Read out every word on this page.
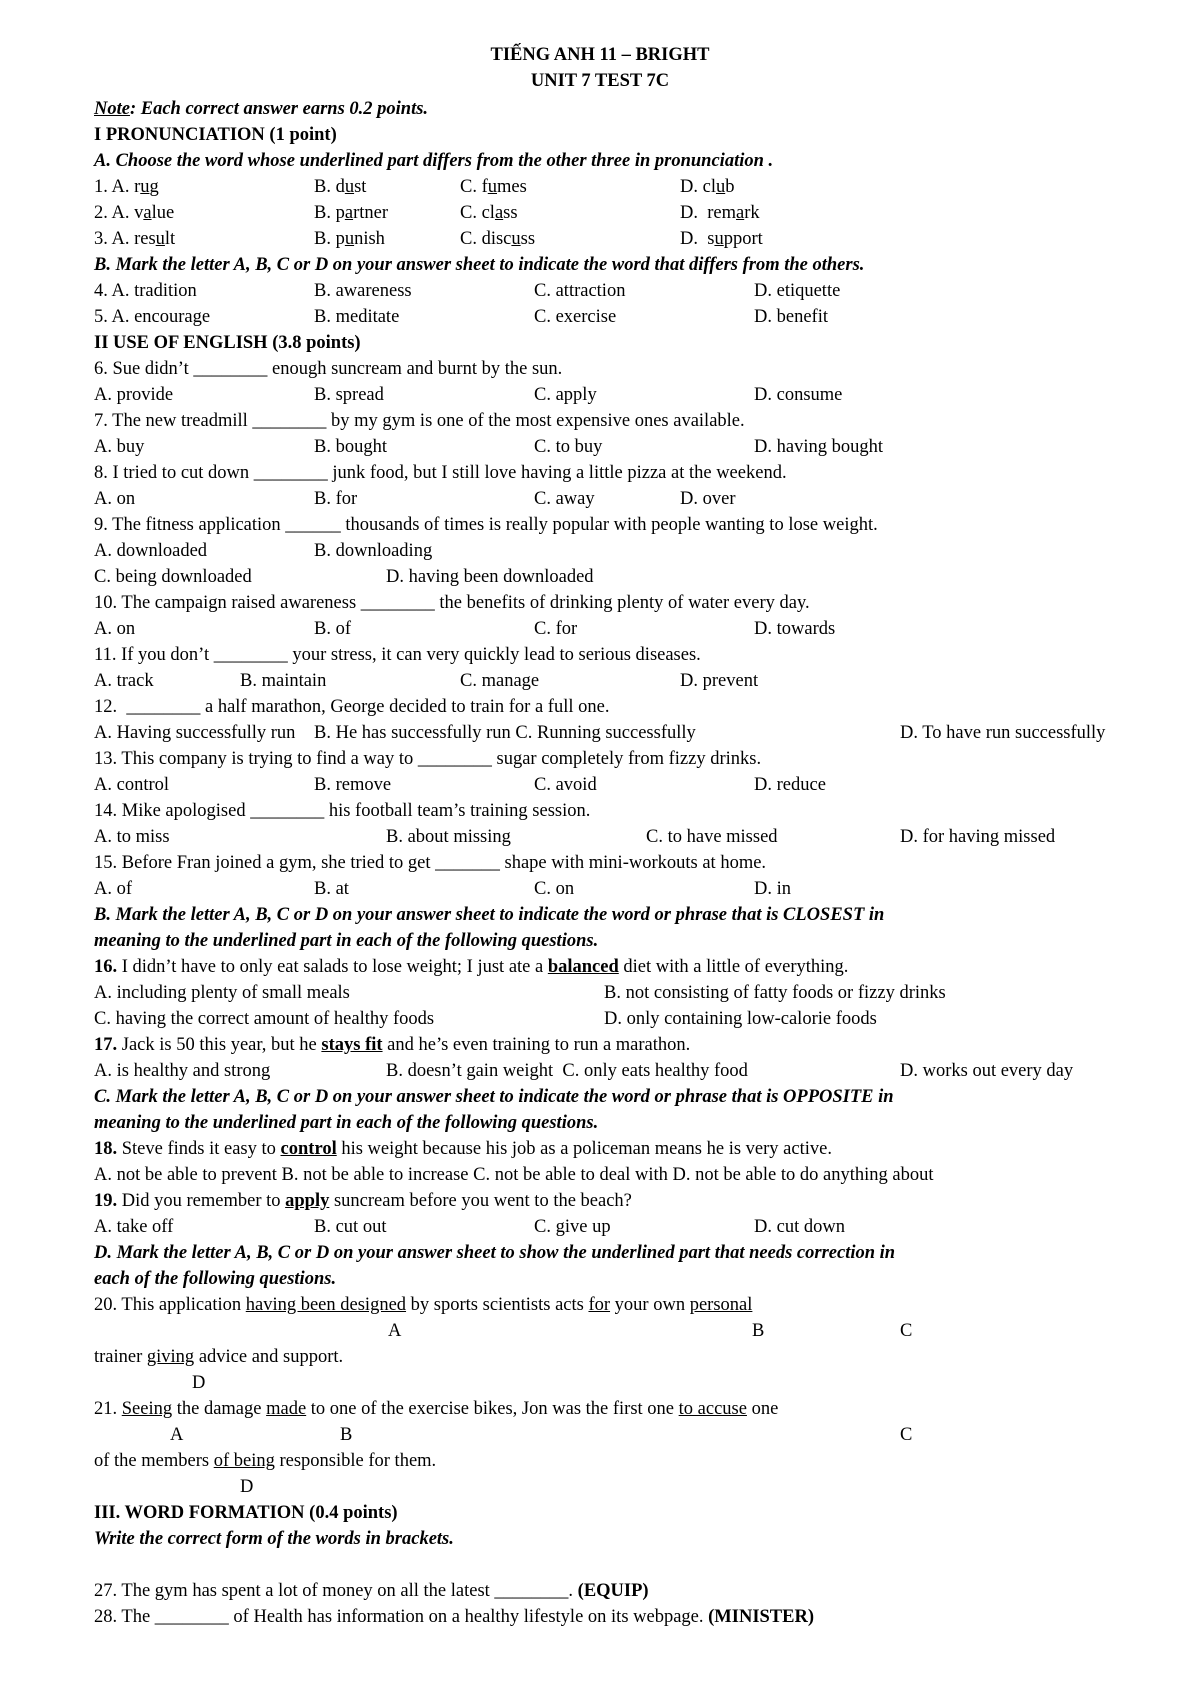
TIẾNG ANH 11 – BRIGHT
UNIT 7 TEST 7C
Note: Each correct answer earns 0.2 points.
I PRONUNCIATION (1 point)
A. Choose the word whose underlined part differs from the other three in pronunciation .
1. A. rug	B. dust	C. fumes	D. club
2. A. value	B. partner	C. class	D.  remark
3. A. result	B. punish	C. discuss	D.  support
B. Mark the letter A, B, C or D on your answer sheet to indicate the word that differs from the others.
4. A. tradition	B. awareness	C. attraction	D. etiquette
5. A. encourage	B. meditate	C. exercise	D. benefit
II USE OF ENGLISH (3.8 points)
6. Sue didn’t ________ enough suncream and burnt by the sun.
A. provide	B. spread	C. apply	D. consume
7. The new treadmill ________ by my gym is one of the most expensive ones available.
A. buy	B. bought	C. to buy	D. having bought
8. I tried to cut down ________ junk food, but I still love having a little pizza at the weekend.
A. on	B. for	C. away	D. over
9. The fitness application ______ thousands of times is really popular with people wanting to lose weight.
A. downloaded	B. downloading
C. being downloaded	D. having been downloaded
10. The campaign raised awareness ________ the benefits of drinking plenty of water every day.
A. on	B. of	C. for	D. towards
11. If you don’t ________ your stress, it can very quickly lead to serious diseases.
A. track	B. maintain	C. manage	D. prevent
12.  ________ a half marathon, George decided to train for a full one.
A. Having successfully run B. He has successfully run C. Running successfully	D. To have run successfully
13. This company is trying to find a way to ________ sugar completely from fizzy drinks.
A. control	B. remove	C. avoid	D. reduce
14. Mike apologised ________ his football team’s training session.
A. to miss	B. about missing	C. to have missed	D. for having missed
15. Before Fran joined a gym, she tried to get _______ shape with mini-workouts at home.
A. of	B. at	C. on	D. in
B. Mark the letter A, B, C or D on your answer sheet to indicate the word or phrase that is CLOSEST in
meaning to the underlined part in each of the following questions.
16. I didn’t have to only eat salads to lose weight; I just ate a balanced diet with a little of everything.
A. including plenty of small meals	B. not consisting of fatty foods or fizzy drinks
C. having the correct amount of healthy foods	D. only containing low-calorie foods
17. Jack is 50 this year, but he stays fit and he’s even training to run a marathon.
A. is healthy and strong	B. doesn’t gain weight  C. only eats healthy food	D. works out every day
C. Mark the letter A, B, C or D on your answer sheet to indicate the word or phrase that is OPPOSITE in
meaning to the underlined part in each of the following questions.
18. Steve finds it easy to control his weight because his job as a policeman means he is very active.
A. not be able to prevent B. not be able to increase C. not be able to deal with D. not be able to do anything about
19. Did you remember to apply suncream before you went to the beach?
A. take off	B. cut out	C. give up	D. cut down
D. Mark the letter A, B, C or D on your answer sheet to show the underlined part that needs correction in
each of the following questions.
20. This application having been designed by sports scientists acts for your own personal
A	B	C
trainer giving advice and support.
D
21. Seeing the damage made to one of the exercise bikes, Jon was the first one to accuse one
A	B	C
of the members of being responsible for them.
D
III. WORD FORMATION (0.4 points)
Write the correct form of the words in brackets.
27. The gym has spent a lot of money on all the latest ________. (EQUIP)
28. The ________ of Health has information on a healthy lifestyle on its webpage. (MINISTER)
